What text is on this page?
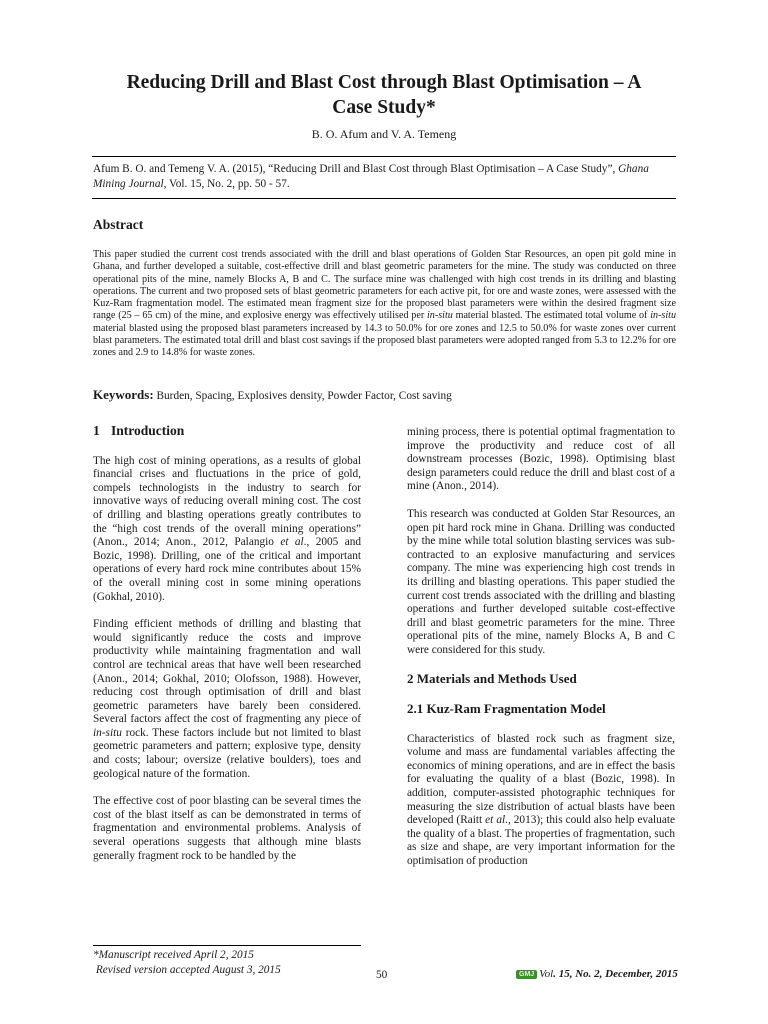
Reducing Drill and Blast Cost through Blast Optimisation – A
Case Study*
B. O. Afum and V. A. Temeng
Afum B. O. and Temeng V. A. (2015), “Reducing Drill and Blast Cost through Blast Optimisation – A Case Study”, Ghana Mining Journal, Vol. 15, No. 2, pp. 50 - 57.
Abstract
This paper studied the current cost trends associated with the drill and blast operations of Golden Star Resources, an open pit gold mine in Ghana, and further developed a suitable, cost-effective drill and blast geometric parameters for the mine. The study was conducted on three operational pits of the mine, namely Blocks A, B and C. The surface mine was challenged with high cost trends in its drilling and blasting operations. The current and two proposed sets of blast geometric parameters for each active pit, for ore and waste zones, were assessed with the Kuz-Ram fragmentation model. The estimated mean fragment size for the proposed blast parameters were within the desired fragment size range (25 – 65 cm) of the mine, and explosive energy was effectively utilised per in-situ material blasted. The estimated total volume of in-situ material blasted using the proposed blast parameters increased by 14.3 to 50.0% for ore zones and 12.5 to 50.0% for waste zones over current blast parameters. The estimated total drill and blast cost savings if the proposed blast parameters were adopted ranged from 5.3 to 12.2% for ore zones and 2.9 to 14.8% for waste zones.
Keywords: Burden, Spacing, Explosives density, Powder Factor, Cost saving
1 Introduction

The high cost of mining operations, as a results of global financial crises and fluctuations in the price of gold, compels technologists in the industry to search for innovative ways of reducing overall mining cost. The cost of drilling and blasting operations greatly contributes to the “high cost trends of the overall mining operations” (Anon., 2014; Anon., 2012, Palangio et al., 2005 and Bozic, 1998). Drilling, one of the critical and important operations of every hard rock mine contributes about 15% of the overall mining cost in some mining operations (Gokhal, 2010).

Finding efficient methods of drilling and blasting that would significantly reduce the costs and improve productivity while maintaining fragmentation and wall control are technical areas that have well been researched (Anon., 2014; Gokhal, 2010; Olofsson, 1988). However, reducing cost through optimisation of drill and blast geometric parameters have barely been considered. Several factors affect the cost of fragmenting any piece of in-situ rock. These factors include but not limited to blast geometric parameters and pattern; explosive type, density and costs; labour; oversize (relative boulders), toes and geological nature of the formation.

The effective cost of poor blasting can be several times the cost of the blast itself as can be demonstrated in terms of fragmentation and environmental problems. Analysis of several operations suggests that although mine blasts generally fragment rock to be handled by the

mining process, there is potential optimal fragmentation to improve the productivity and reduce cost of all downstream processes (Bozic, 1998). Optimising blast design parameters could reduce the drill and blast cost of a mine (Anon., 2014).

This research was conducted at Golden Star Resources, an open pit hard rock mine in Ghana. Drilling was conducted by the mine while total solution blasting services was sub-contracted to an explosive manufacturing and services company. The mine was experiencing high cost trends in its drilling and blasting operations. This paper studied the current cost trends associated with the drilling and blasting operations and further developed suitable cost-effective drill and blast geometric parameters for the mine. Three operational pits of the mine, namely Blocks A, B and C were considered for this study.

2 Materials and Methods Used
2.1 Kuz-Ram Fragmentation Model

Characteristics of blasted rock such as fragment size, volume and mass are fundamental variables affecting the economics of mining operations, and are in effect the basis for evaluating the quality of a blast (Bozic, 1998). In addition, computer-assisted photographic techniques for measuring the size distribution of actual blasts have been developed (Raitt et al., 2013); this could also help evaluate the quality of a blast. The properties of fragmentation, such as size and shape, are very important information for the optimisation of production

*Manuscript received April 2, 2015
Revised version accepted August 3, 2015	50	GMJ Vol. 15, No. 2, December, 2015
